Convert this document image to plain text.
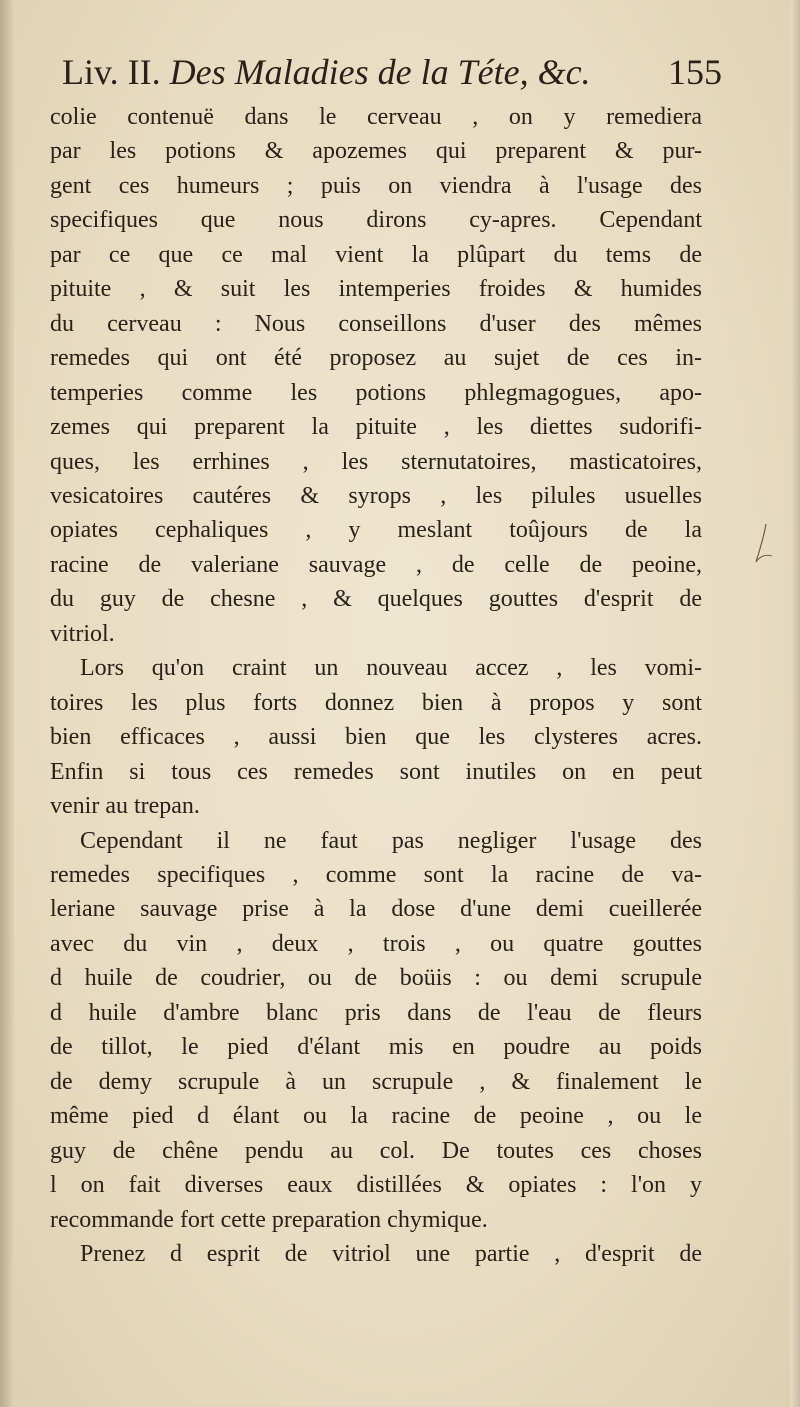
Liv. II. Des Maladies de la Téte, &c. 155
colie contenuë dans le cerveau , on y remediera
par les potions & apozemes qui preparent & pur-
gent ces humeurs ; puis on viendra à l'usage des
specifiques que nous dirons cy-apres. Cependant
par ce que ce mal vient la plûpart du tems de
pituite , & suit les intemperies froides & humides
du cerveau : Nous conseillons d'user des mêmes
remedes qui ont été proposez au sujet de ces in-
temperies comme les potions phlegmagogues, apo-
zemes qui preparent la pituite , les diettes sudorifi-
ques, les errhines , les sternutatoires, masticatoires,
vesicatoires cautéres & syrops , les pilules usuelles
opiates cephaliques , y meslant toûjours de la
racine de valeriane sauvage , de celle de peoine,
du guy de chesne , & quelques gouttes d'esprit de
vitriol.
Lors qu'on craint un nouveau accez , les vomi-
toires les plus forts donnez bien à propos y sont
bien efficaces , aussi bien que les clysteres acres.
Enfin si tous ces remedes sont inutiles on en peut
venir au trepan.
Cependant il ne faut pas negliger l'usage des
remedes specifiques , comme sont la racine de va-
leriane sauvage prise à la dose d'une demi cueillerée
avec du vin , deux , trois , ou quatre gouttes
d huile de coudrier, ou de boüis : ou demi scrupule
d huile d'ambre blanc pris dans de l'eau de fleurs
de tillot, le pied d'élant mis en poudre au poids
de demy scrupule à un scrupule , & finalement le
même pied d élant ou la racine de peoine , ou le
guy de chêne pendu au col. De toutes ces choses
l on fait diverses eaux distillées & opiates : l'on y
recommande fort cette preparation chymique.
Prenez d esprit de vitriol une partie , d'esprit de
